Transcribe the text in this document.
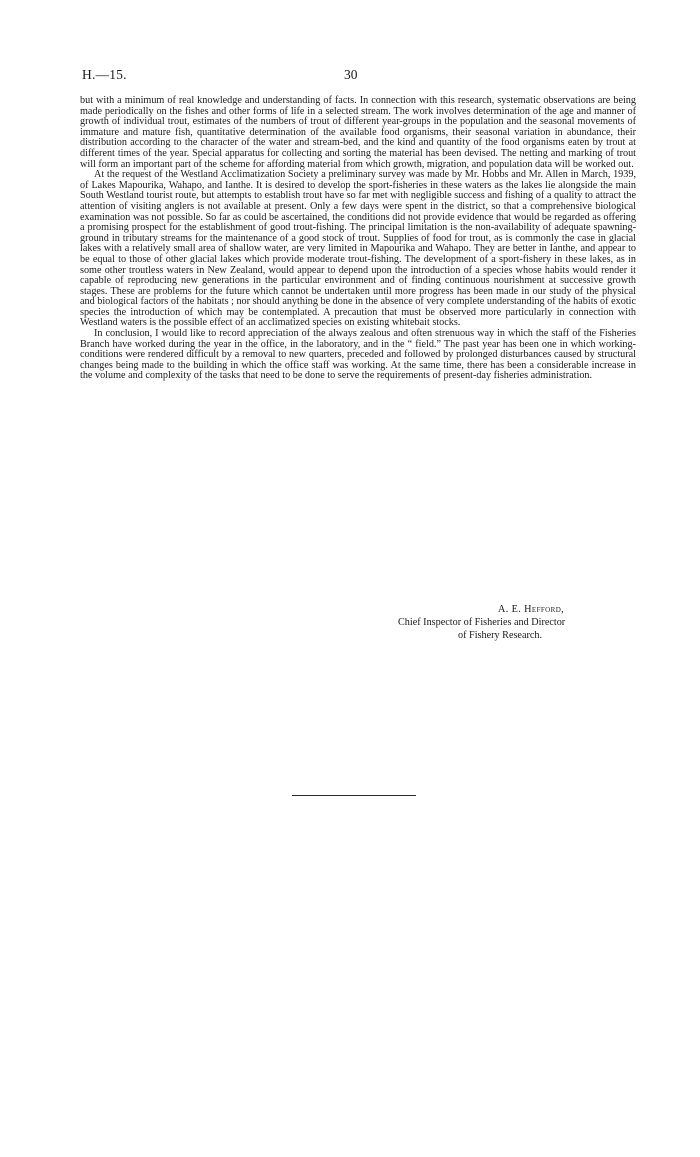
H.—15.	30

but with a minimum of real knowledge and understanding of facts. In connection with this research, systematic observations are being made periodically on the fishes and other forms of life in a selected stream. The work involves determination of the age and manner of growth of individual trout, estimates of the numbers of trout of different year-groups in the population and the seasonal movements of immature and mature fish, quantitative determination of the available food organisms, their seasonal variation in abundance, their distribution according to the character of the water and stream-bed, and the kind and quantity of the food organisms eaten by trout at different times of the year. Special apparatus for collecting and sorting the material has been devised. The netting and marking of trout will form an important part of the scheme for affording material from which growth, migration, and population data will be worked out.

At the request of the Westland Acclimatization Society a preliminary survey was made by Mr. Hobbs and Mr. Allen in March, 1939, of Lakes Mapourika, Wahapo, and Ianthe. It is desired to develop the sport-fisheries in these waters as the lakes lie alongside the main South Westland tourist route, but attempts to establish trout have so far met with negligible success and fishing of a quality to attract the attention of visiting anglers is not available at present. Only a few days were spent in the district, so that a comprehensive biological examination was not possible. So far as could be ascertained, the conditions did not provide evidence that would be regarded as offering a promising prospect for the establishment of good trout-fishing. The principal limitation is the non-availability of adequate spawning-ground in tributary streams for the maintenance of a good stock of trout. Supplies of food for trout, as is commonly the case in glacial lakes with a relatively small area of shallow water, are very limited in Mapourika and Wahapo. They are better in Ianthe, and appear to be equal to those of other glacial lakes which provide moderate trout-fishing. The development of a sport-fishery in these lakes, as in some other troutless waters in New Zealand, would appear to depend upon the introduction of a species whose habits would render it capable of reproducing new generations in the particular environment and of finding continuous nourishment at successive growth stages. These are problems for the future which cannot be undertaken until more progress has been made in our study of the physical and biological factors of the habitats ; nor should anything be done in the absence of very complete understanding of the habits of exotic species the introduction of which may be contemplated. A precaution that must be observed more particularly in connection with Westland waters is the possible effect of an acclimatized species on existing whitebait stocks.

In conclusion, I would like to record appreciation of the always zealous and often strenuous way in which the staff of the Fisheries Branch have worked during the year in the office, in the laboratory, and in the “ field.” The past year has been one in which working-conditions were rendered difficult by a removal to new quarters, preceded and followed by prolonged disturbances caused by structural changes being made to the building in which the office staff was working. At the same time, there has been a considerable increase in the volume and complexity of the tasks that need to be done to serve the requirements of present-day fisheries administration.

A. E. Hefford,
Chief Inspector of Fisheries and Director
of Fishery Research.
